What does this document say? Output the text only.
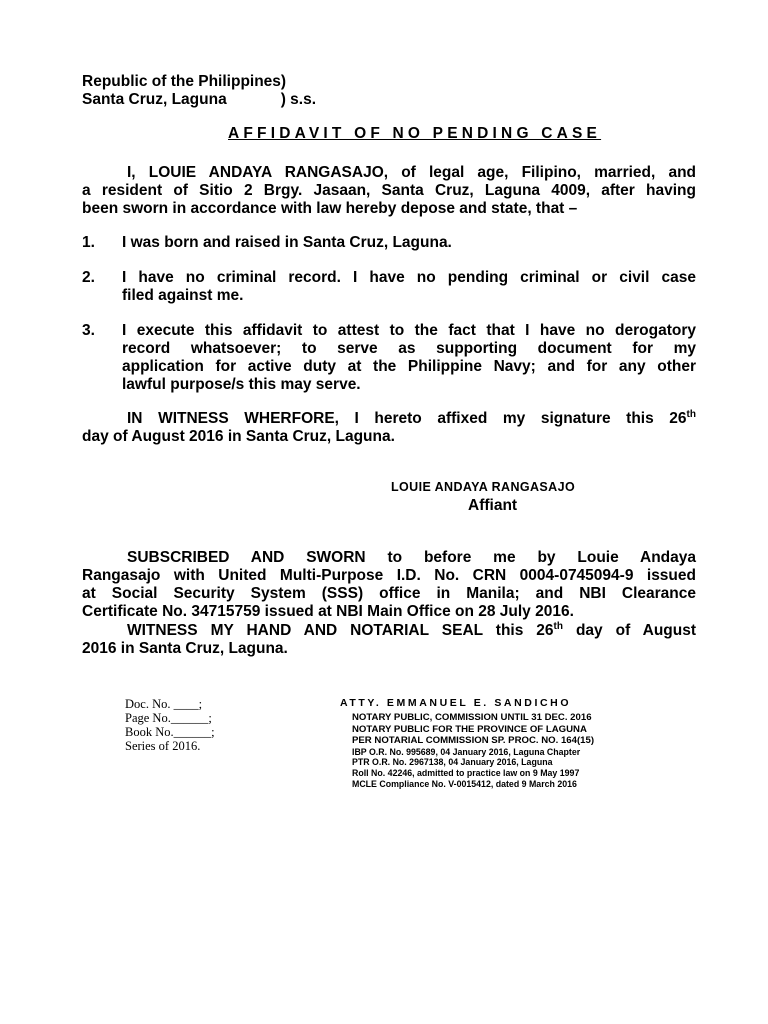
Republic of the Philippines)
Santa Cruz, Laguna	) s.s.
AFFIDAVIT OF NO PENDING CASE
I, LOUIE ANDAYA RANGASAJO, of legal age, Filipino, married, and
a resident of Sitio 2 Brgy. Jasaan, Santa Cruz, Laguna 4009, after having
been sworn in accordance with law hereby depose and state, that –
1.	I was born and raised in Santa Cruz, Laguna.
2.	I have no criminal record. I have no pending criminal or civil case
filed against me.
3.	I execute this affidavit to attest to the fact that I have no derogatory
record whatsoever; to serve as supporting document for my
application for active duty at the Philippine Navy; and for any other
lawful purpose/s this may serve.
IN WITNESS WHERFORE, I hereto affixed my signature this 26th
day of August 2016 in Santa Cruz, Laguna.
LOUIE ANDAYA RANGASAJO
Affiant
SUBSCRIBED AND SWORN to before me by Louie Andaya
Rangasajo with United Multi-Purpose I.D. No. CRN 0004-0745094-9 issued
at Social Security System (SSS) office in Manila; and NBI Clearance
Certificate No. 34715759 issued at NBI Main Office on 28 July 2016.
WITNESS MY HAND AND NOTARIAL SEAL this 26th day of August
2016 in Santa Cruz, Laguna.
Doc. No. ____;
Page No.______;
Book No.______;
Series of 2016.
ATTY. EMMANUEL E. SANDICHO
NOTARY PUBLIC, COMMISSION UNTIL 31 DEC. 2016
NOTARY PUBLIC FOR THE PROVINCE OF LAGUNA
PER NOTARIAL COMMISSION SP. PROC. NO. 164(15)
IBP O.R. No. 995689, 04 January 2016, Laguna Chapter
PTR O.R. No. 2967138, 04 January 2016, Laguna
Roll No. 42246, admitted to practice law on 9 May 1997
MCLE Compliance No. V-0015412, dated 9 March 2016
